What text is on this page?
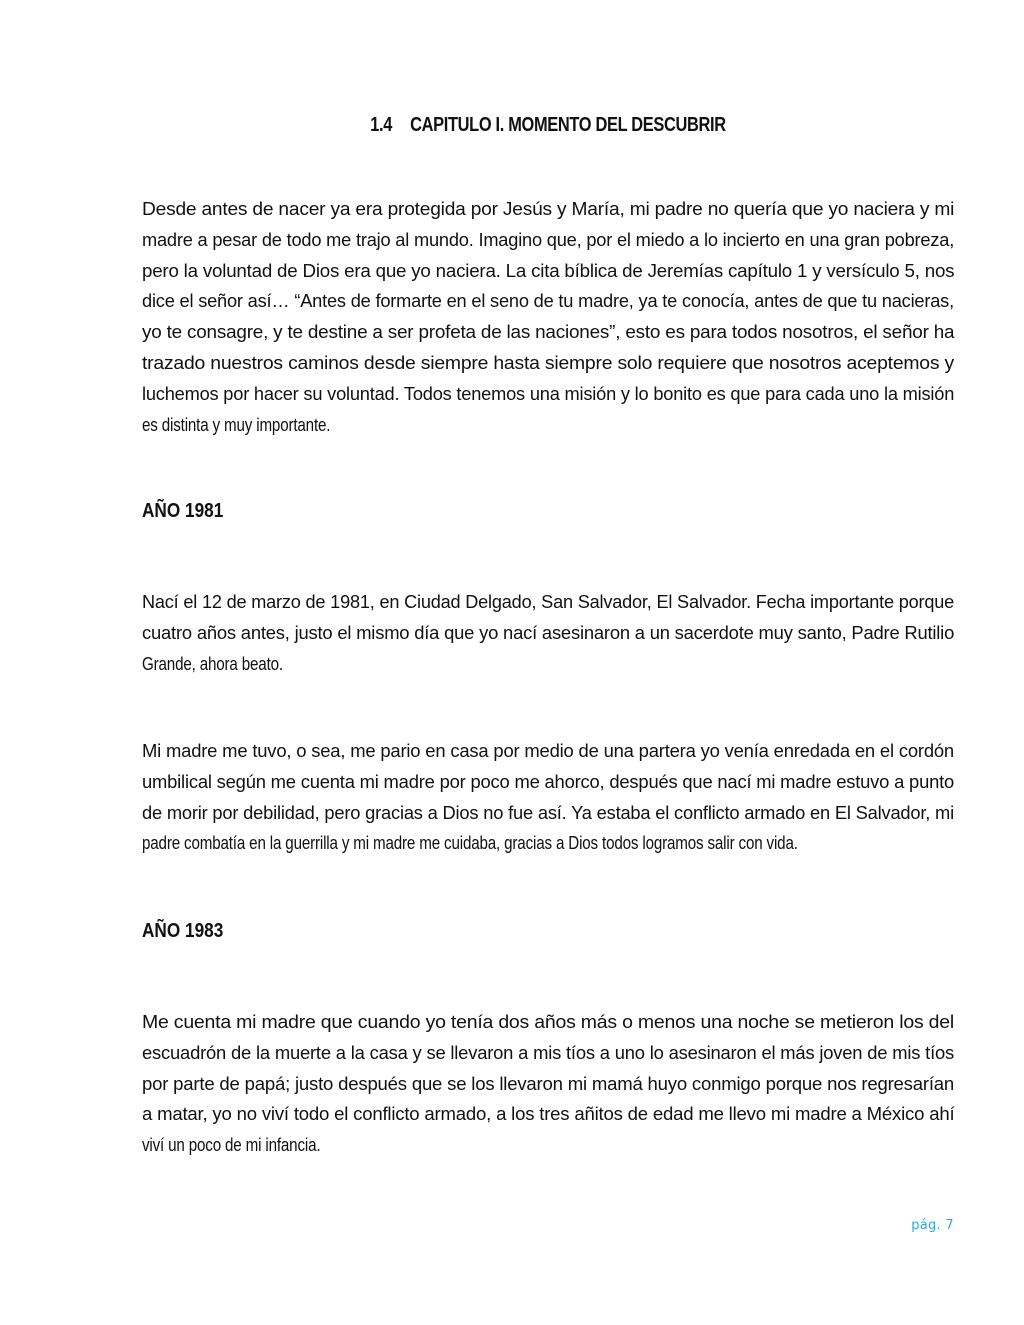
1.4 CAPITULO I. MOMENTO DEL DESCUBRIR
Desde antes de nacer ya era protegida por Jesús y María, mi padre no quería que yo naciera y mi
madre a pesar de todo me trajo al mundo. Imagino que, por el miedo a lo incierto en una gran pobreza,
pero la voluntad de Dios era que yo naciera. La cita bíblica de Jeremías capítulo 1 y versículo 5, nos
dice el señor así… “Antes de formarte en el seno de tu madre, ya te conocía, antes de que tu nacieras,
yo te consagre, y te destine a ser profeta de las naciones”, esto es para todos nosotros, el señor ha
trazado nuestros caminos desde siempre hasta siempre solo requiere que nosotros aceptemos y
luchemos por hacer su voluntad. Todos tenemos una misión y lo bonito es que para cada uno la misión
es distinta y muy importante.
AÑO 1981
Nací el 12 de marzo de 1981, en Ciudad Delgado, San Salvador, El Salvador. Fecha importante porque
cuatro años antes, justo el mismo día que yo nací asesinaron a un sacerdote muy santo, Padre Rutilio
Grande, ahora beato.
Mi madre me tuvo, o sea, me pario en casa por medio de una partera yo venía enredada en el cordón
umbilical según me cuenta mi madre por poco me ahorco, después que nací mi madre estuvo a punto
de morir por debilidad, pero gracias a Dios no fue así. Ya estaba el conflicto armado en El Salvador, mi
padre combatía en la guerrilla y mi madre me cuidaba, gracias a Dios todos logramos salir con vida.
AÑO 1983
Me cuenta mi madre que cuando yo tenía dos años más o menos una noche se metieron los del
escuadrón de la muerte a la casa y se llevaron a mis tíos a uno lo asesinaron el más joven de mis tíos
por parte de papá; justo después que se los llevaron mi mamá huyo conmigo porque nos regresarían
a matar, yo no viví todo el conflicto armado, a los tres añitos de edad me llevo mi madre a México ahí
viví un poco de mi infancia.
pág. 7
